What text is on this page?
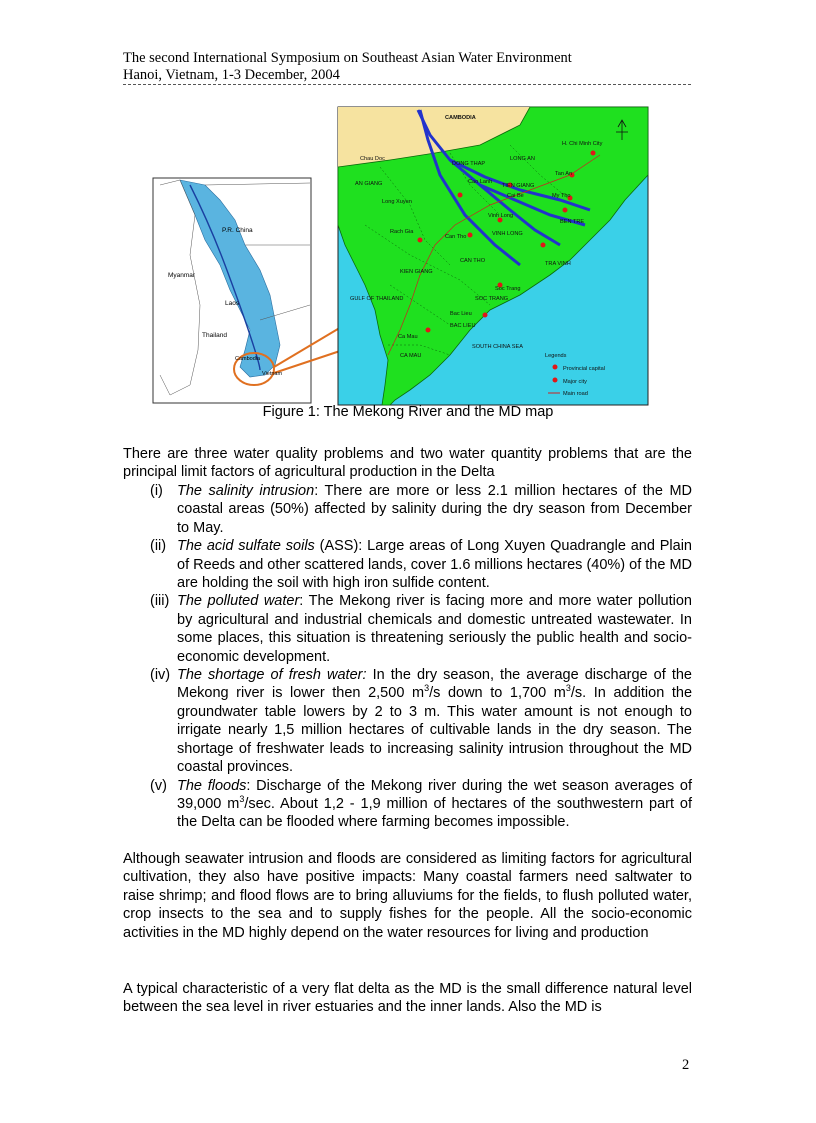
The second International Symposium on Southeast Asian Water Environment
Hanoi, Vietnam, 1-3 December, 2004
P.R. China
Myanmar
Laos
Thailand
Cambodia
Vietnam
CAMBODIA
H. Chi Minh City
LONG AN
DONG THAP
AN GIANG	TIEN GIANG
Cao Lanh
Cai Be	My Tho
Tan An
Long Xuyen
Chau Doc
Vinh Long
BEN TRE
Rach Gia
Can Tho	VINH LONG
TRA VINH
KIEN GIANG
CAN THO
SOC TRANG
Soc Trang
Bac Lieu
BAC LIEU
GULF OF THAILAND
Ca Mau
CA MAU
SOUTH CHINA SEA
Legends
Provincial capital
Major city
Main road
Figure 1: The Mekong River and the MD map
There are three water quality problems and two water quantity problems that are the principal limit factors of agricultural production in the Delta
(i) The salinity intrusion: There are more or less 2.1 million hectares of the MD coastal areas (50%) affected by salinity during the dry season from December to May.
(ii) The acid sulfate soils (ASS): Large areas of Long Xuyen Quadrangle and Plain of Reeds and other scattered lands, cover 1.6 millions hectares (40%) of the MD are holding the soil with high iron sulfide content.
(iii) The polluted water: The Mekong river is facing more and more water pollution by agricultural and industrial chemicals and domestic untreated wastewater. In some places, this situation is threatening seriously the public health and socio-economic development.
(iv) The shortage of fresh water: In the dry season, the average discharge of the Mekong river is lower then 2,500 $m^3/s$ down to 1,700 $m^3/s$. In addition the groundwater table lowers by 2 to 3 m. This water amount is not enough to irrigate nearly 1,5 million hectares of cultivable lands in the dry season. The shortage of freshwater leads to increasing salinity intrusion throughout the MD coastal provinces.
(v) The floods: Discharge of the Mekong river during the wet season averages of 39,000 $m^3/\sec$. About 1,2 - 1,9 million of hectares of the southwestern part of the Delta can be flooded where farming becomes impossible.
Although seawater intrusion and floods are considered as limiting factors for agricultural cultivation, they also have positive impacts: Many coastal farmers need saltwater to raise shrimp; and flood flows are to bring alluviums for the fields, to flush polluted water, crop insects to the sea and to supply fishes for the people. All the socio-economic activities in the MD highly depend on the water resources for living and production
A typical characteristic of a very flat delta as the MD is the small difference natural level between the sea level in river estuaries and the inner lands. Also the MD is
2
